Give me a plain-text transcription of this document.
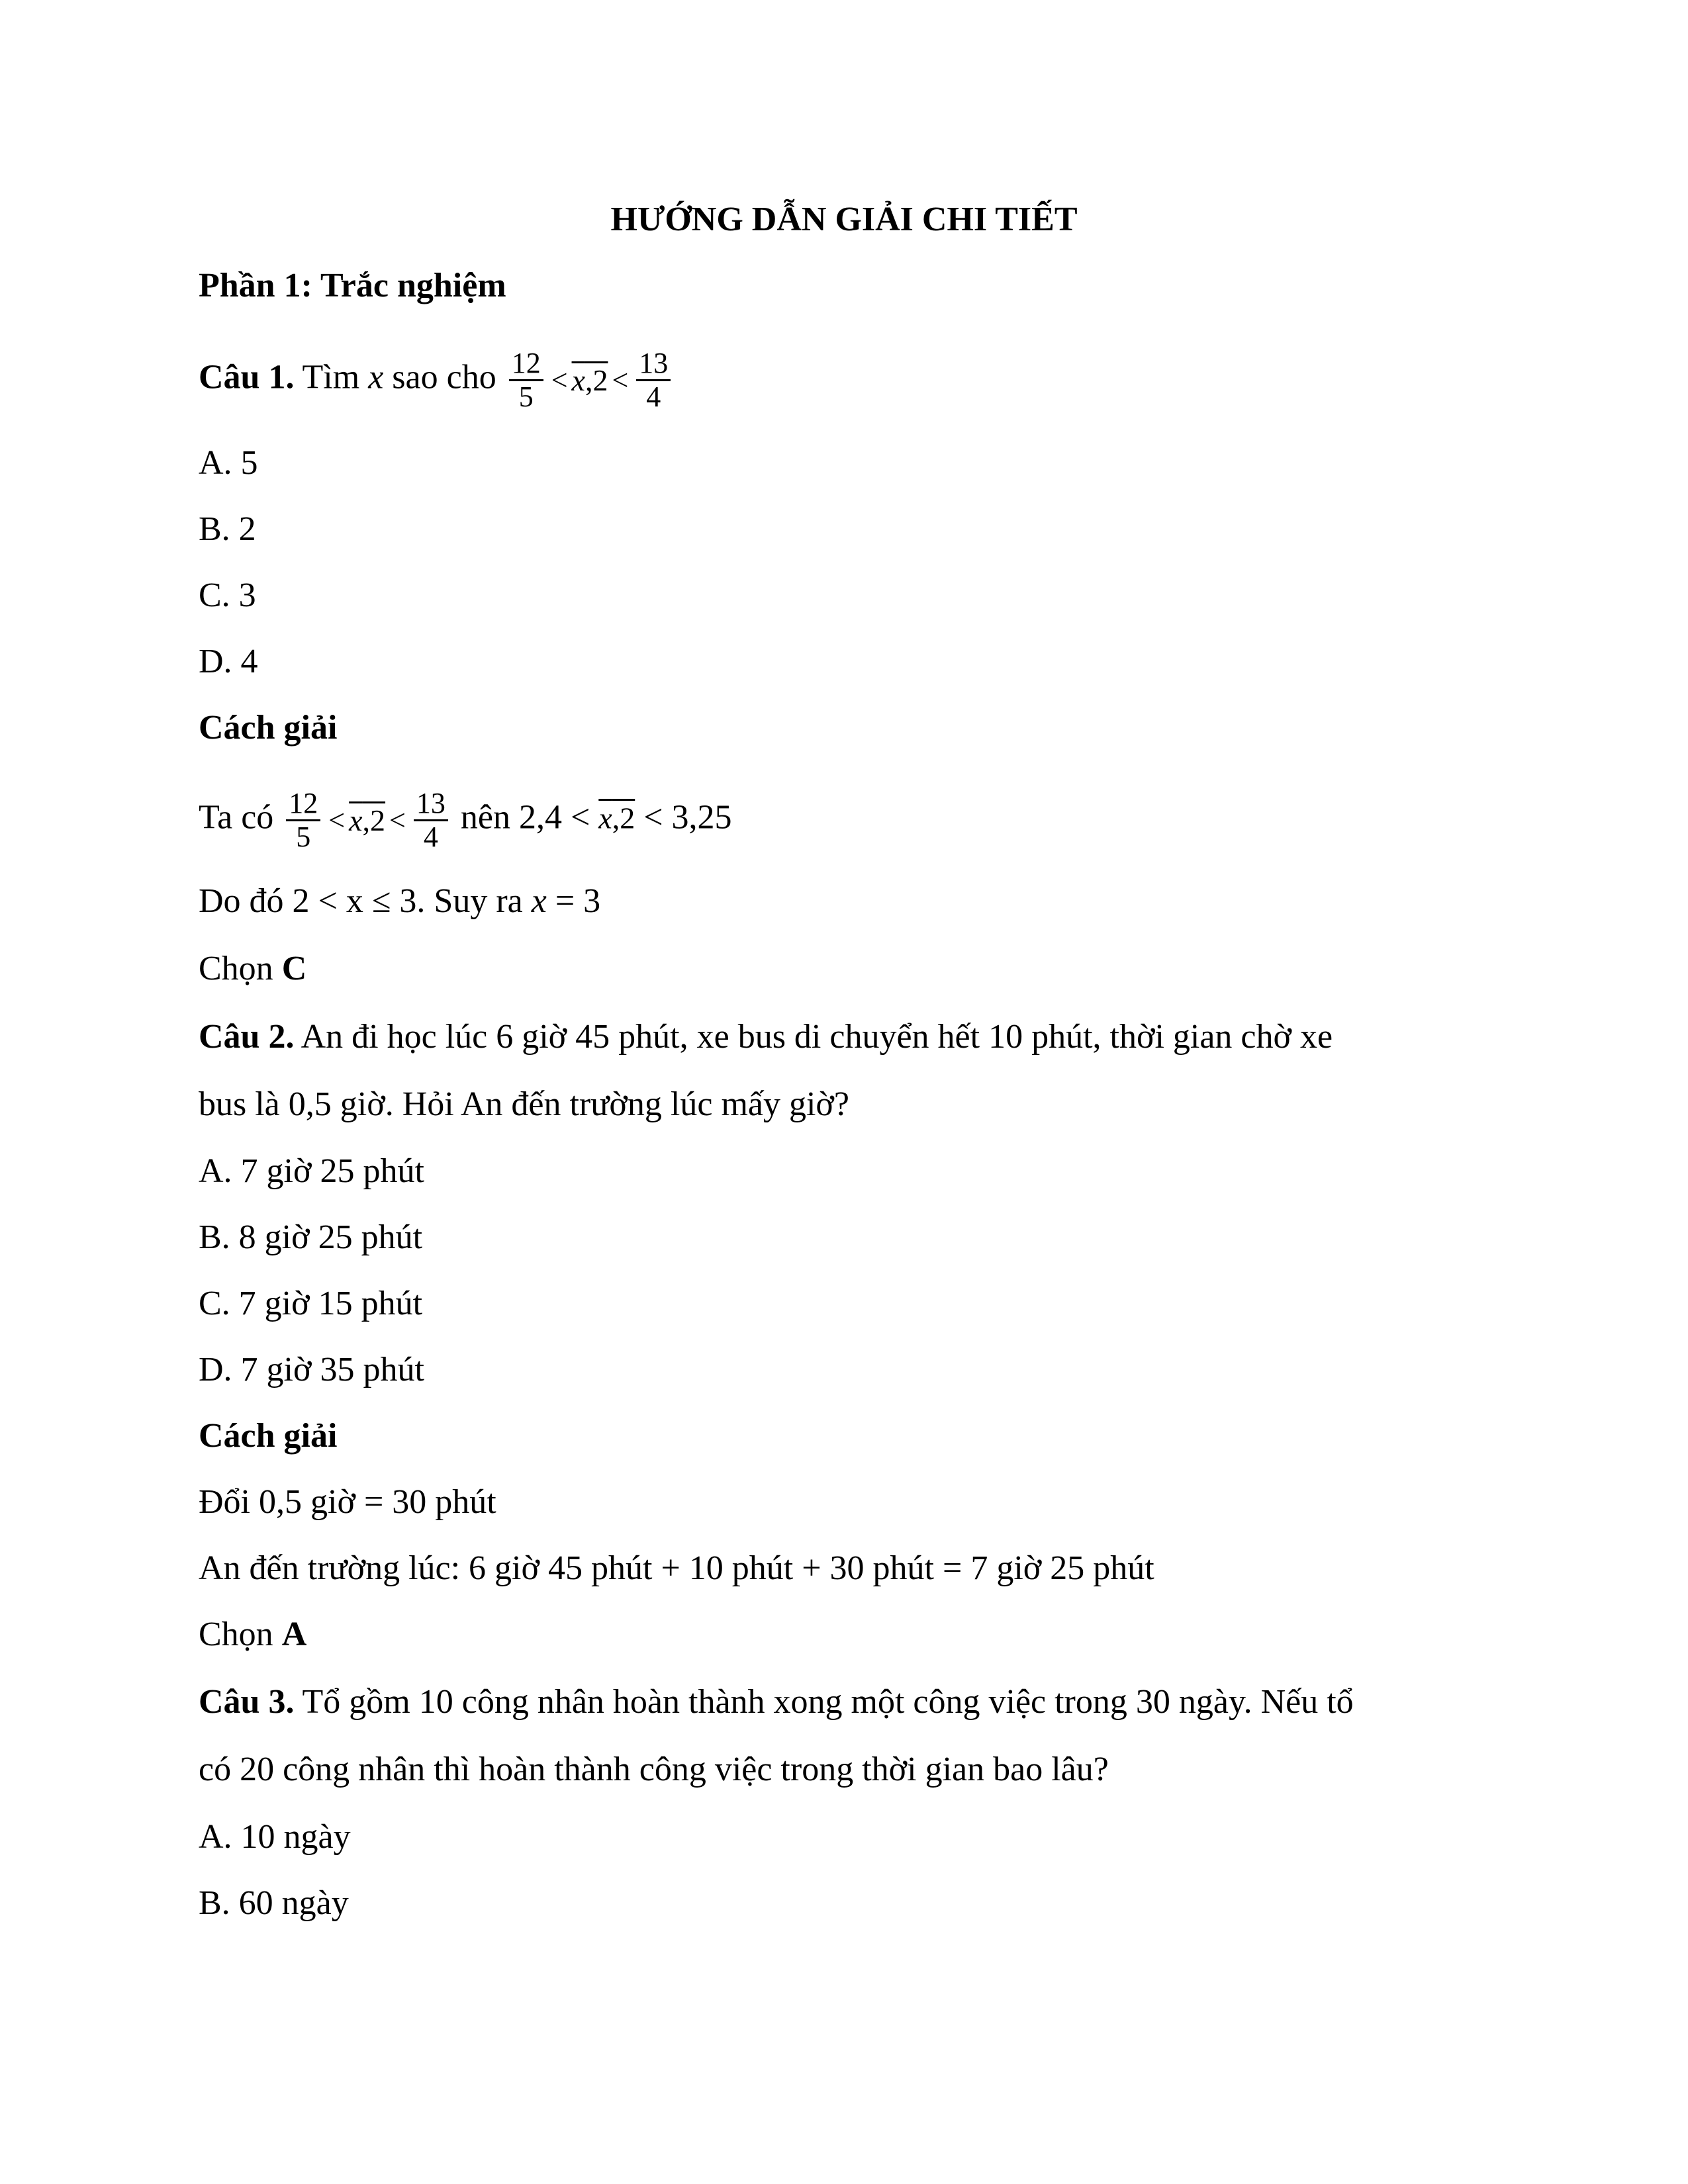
HƯỚNG DẪN GIẢI CHI TIẾT
Phần 1: Trắc nghiệm
Câu 1. Tìm x sao cho $\frac{12}{5} < x,2 < \frac{13}{4}$
A. 5
B. 2
C. 3
D. 4
Cách giải
Ta có $\frac{12}{5} < x,2 < \frac{13}{4}$ nên 2,4 < x,2 < 3,25
Do đó 2 < x ≤ 3. Suy ra x = 3
Chọn C
Câu 2. An đi học lúc 6 giờ 45 phút, xe bus di chuyển hết 10 phút, thời gian chờ xe
bus là 0,5 giờ. Hỏi An đến trường lúc mấy giờ?
A. 7 giờ 25 phút
B. 8 giờ 25 phút
C. 7 giờ 15 phút
D. 7 giờ 35 phút
Cách giải
Đổi 0,5 giờ = 30 phút
An đến trường lúc: 6 giờ 45 phút + 10 phút + 30 phút = 7 giờ 25 phút
Chọn A
Câu 3. Tổ gồm 10 công nhân hoàn thành xong một công việc trong 30 ngày. Nếu tổ
có 20 công nhân thì hoàn thành công việc trong thời gian bao lâu?
A. 10 ngày
B. 60 ngày
